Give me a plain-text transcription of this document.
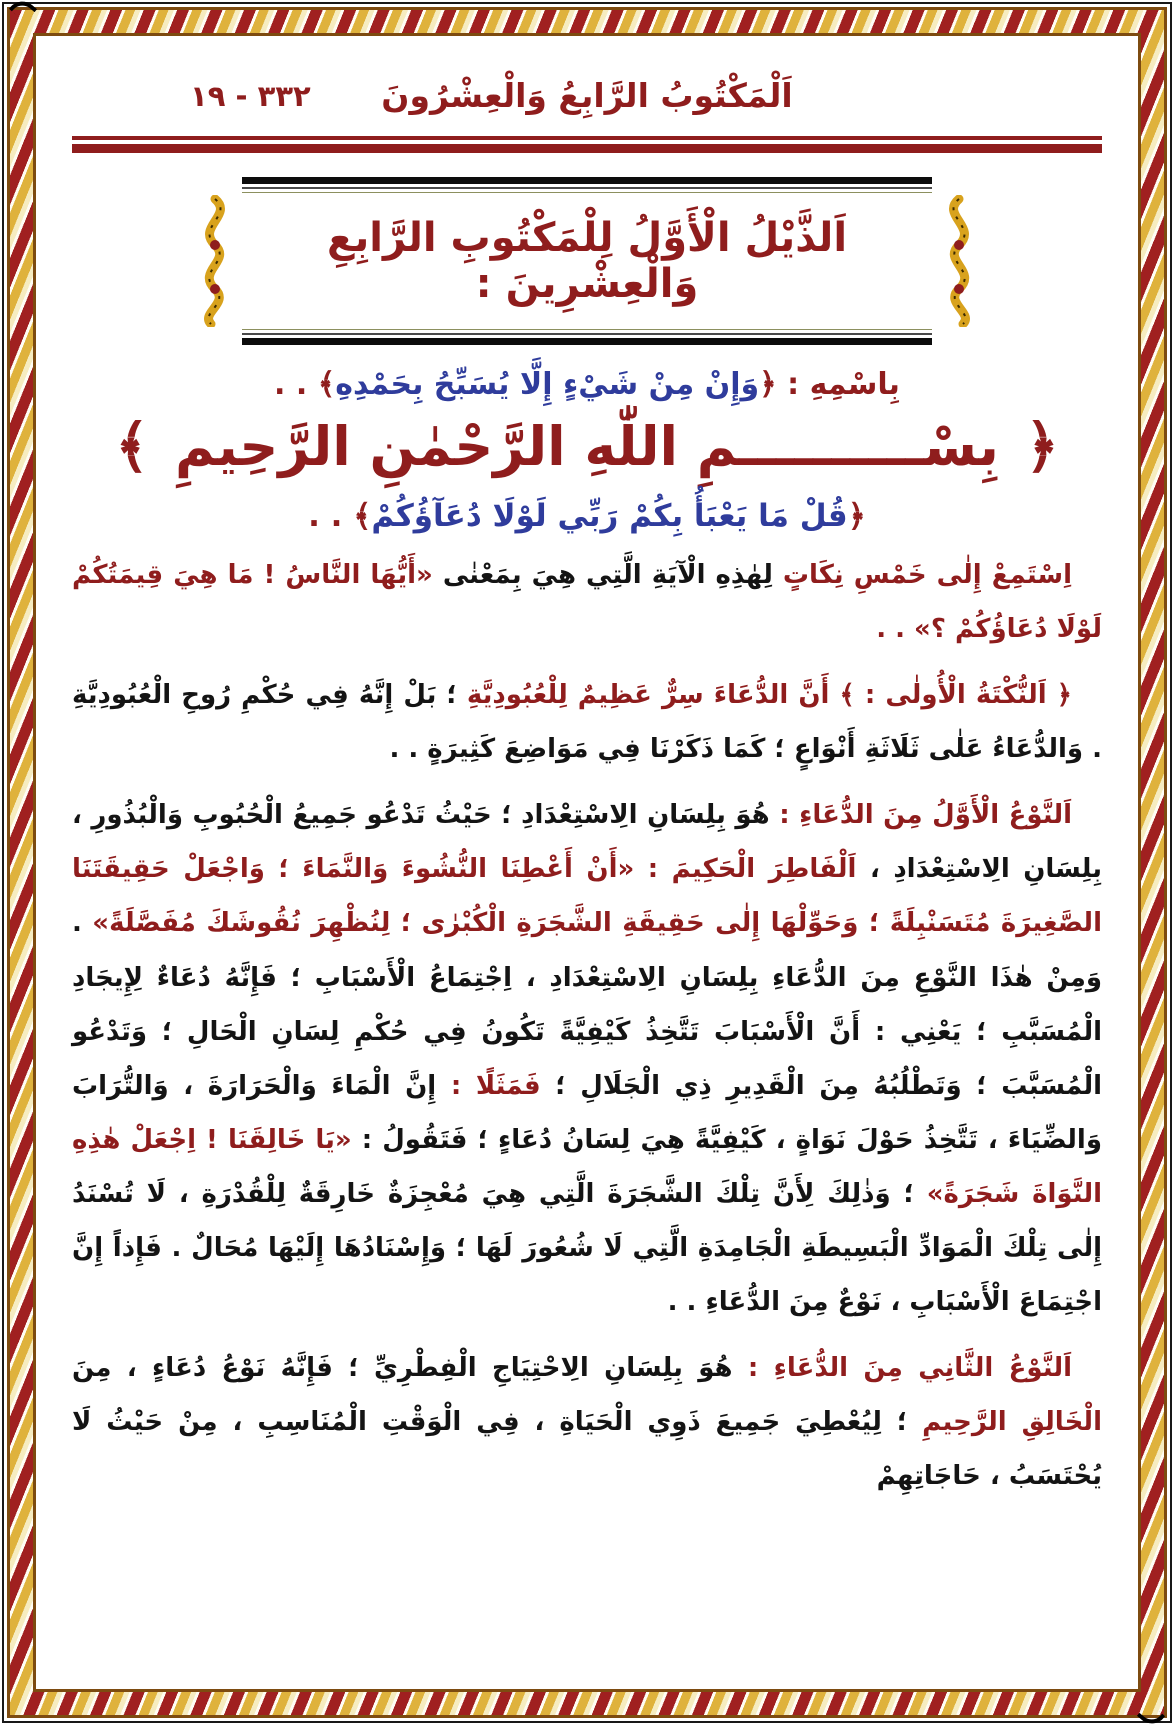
اَلْمَكْتُوبُ الرَّابِعُ وَالْعِشْرُونَ
٣٣٢ - ١٩
اَلذَّيْلُ الْأَوَّلُ لِلْمَكْتُوبِ الرَّابِعِ وَالْعِشْرِينَ :
بِاسْمِهِ : ﴿وَإِنْ مِنْ شَيْءٍ إِلَّا يُسَبِّحُ بِحَمْدِهِ﴾ . .
﴿
بِسْــــــــــمِ اللّٰهِ الرَّحْمٰنِ الرَّحِيمِ
﴾
﴿قُلْ مَا يَعْبَأُ بِكُمْ رَبِّي لَوْلَا دُعَآؤُكُمْ﴾ . .

اِسْتَمِعْ إِلٰى خَمْسِ نِكَاتٍ لِهٰذِهِ الْآيَةِ الَّتِي هِيَ بِمَعْنٰى «أَيُّهَا النَّاسُ ! مَا هِيَ قِيمَتُكُمْ لَوْلَا دُعَاؤُكُمْ ؟» . .

﴿ اَلنُّكْتَةُ الْأُولٰى : ﴾ أَنَّ الدُّعَاءَ سِرٌّ عَظِيمٌ لِلْعُبُودِيَّةِ ؛ بَلْ إِنَّهُ فِي حُكْمِ رُوحِ الْعُبُودِيَّةِ . وَالدُّعَاءُ عَلٰى ثَلَاثَةِ أَنْوَاعٍ ؛ كَمَا ذَكَرْنَا فِي مَوَاضِعَ كَثِيرَةٍ . .

اَلنَّوْعُ الْأَوَّلُ مِنَ الدُّعَاءِ : هُوَ بِلِسَانِ الِاسْتِعْدَادِ ؛ حَيْثُ تَدْعُو جَمِيعُ الْحُبُوبِ وَالْبُذُورِ ، بِلِسَانِ الِاسْتِعْدَادِ ، اَلْفَاطِرَ الْحَكِيمَ : «أَنْ أَعْطِنَا النُّشُوءَ وَالنَّمَاءَ ؛ وَاجْعَلْ حَقِيقَتَنَا الصَّغِيرَةَ مُتَسَنْبِلَةً ؛ وَحَوِّلْهَا إِلٰى حَقِيقَةِ الشَّجَرَةِ الْكُبْرٰى ؛ لِنُظْهِرَ نُقُوشَكَ مُفَصَّلَةً» . وَمِنْ هٰذَا النَّوْعِ مِنَ الدُّعَاءِ بِلِسَانِ الِاسْتِعْدَادِ ، اِجْتِمَاعُ الْأَسْبَابِ ؛ فَإِنَّهُ دُعَاءٌ لِإِيجَادِ الْمُسَبَّبِ ؛ يَعْنِي : أَنَّ الْأَسْبَابَ تَتَّخِذُ كَيْفِيَّةً تَكُونُ فِي حُكْمِ لِسَانِ الْحَالِ ؛ وَتَدْعُو الْمُسَبَّبَ ؛ وَتَطْلُبُهُ مِنَ الْقَدِيرِ ذِي الْجَلَالِ ؛ فَمَثَلًا : إِنَّ الْمَاءَ وَالْحَرَارَةَ ، وَالتُّرَابَ وَالضِّيَاءَ ، تَتَّخِذُ حَوْلَ نَوَاةٍ ، كَيْفِيَّةً هِيَ لِسَانُ دُعَاءٍ ؛ فَتَقُولُ : «يَا خَالِقَنَا ! اِجْعَلْ هٰذِهِ النَّوَاةَ شَجَرَةً» ؛ وَذٰلِكَ لِأَنَّ تِلْكَ الشَّجَرَةَ الَّتِي هِيَ مُعْجِزَةٌ خَارِقَةٌ لِلْقُدْرَةِ ، لَا تُسْنَدُ إِلٰى تِلْكَ الْمَوَادِّ الْبَسِيطَةِ الْجَامِدَةِ الَّتِي لَا شُعُورَ لَهَا ؛ وَإِسْنَادُهَا إِلَيْهَا مُحَالٌ . فَإِذاً إِنَّ اجْتِمَاعَ الْأَسْبَابِ ، نَوْعٌ مِنَ الدُّعَاءِ . .

اَلنَّوْعُ الثَّانِي مِنَ الدُّعَاءِ : هُوَ بِلِسَانِ الِاحْتِيَاجِ الْفِطْرِيِّ ؛ فَإِنَّهُ نَوْعُ دُعَاءٍ ، مِنَ الْخَالِقِ الرَّحِيمِ ؛ لِيُعْطِيَ جَمِيعَ ذَوِي الْحَيَاةِ ، فِي الْوَقْتِ الْمُنَاسِبِ ، مِنْ حَيْثُ لَا يُحْتَسَبُ ، حَاجَاتِهِمْ
